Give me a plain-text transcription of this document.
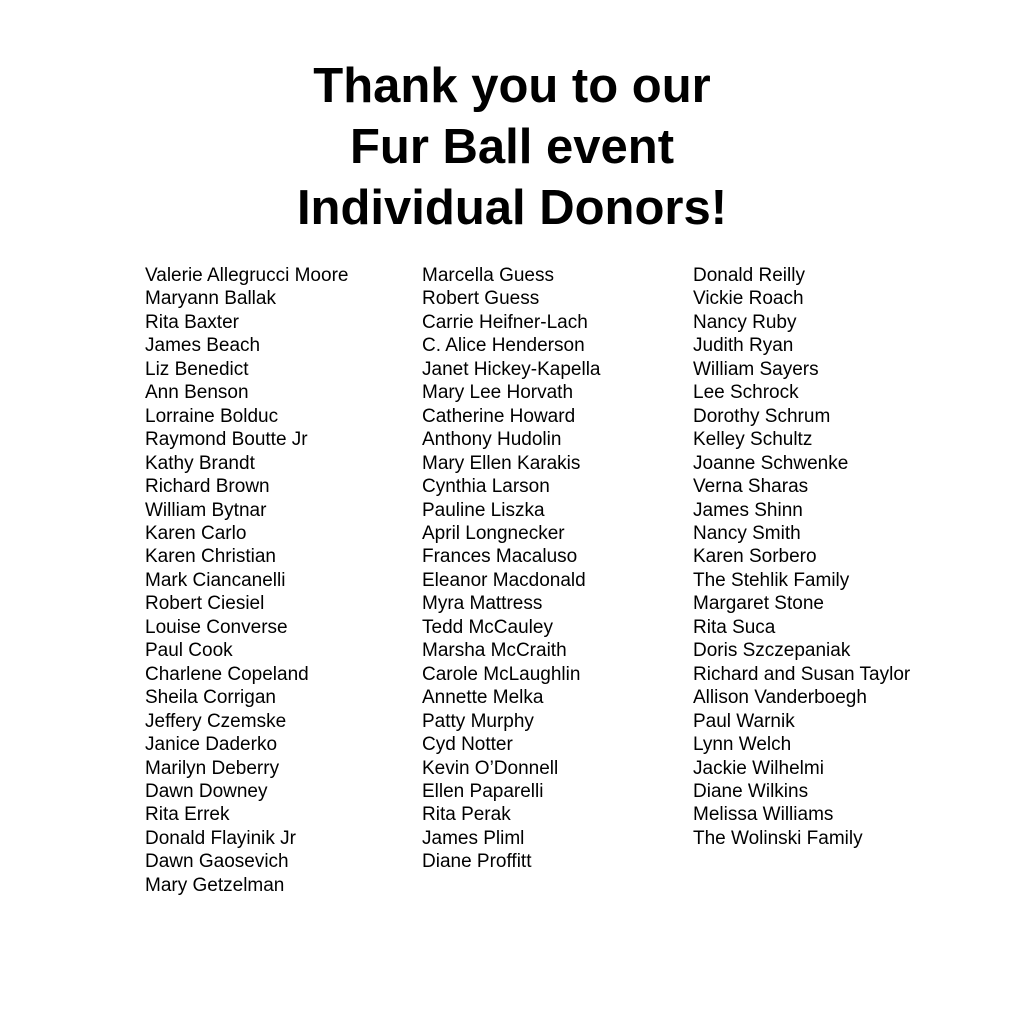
Thank you to our
Fur Ball event
Individual Donors!
Valerie Allegrucci Moore
Maryann Ballak
Rita Baxter
James Beach
Liz Benedict
Ann Benson
Lorraine Bolduc
Raymond Boutte Jr
Kathy Brandt
Richard Brown
William Bytnar
Karen Carlo
Karen Christian
Mark Ciancanelli
Robert Ciesiel
Louise Converse
Paul Cook
Charlene Copeland
Sheila Corrigan
Jeffery Czemske
Janice Daderko
Marilyn Deberry
Dawn Downey
Rita Errek
Donald Flayinik Jr
Dawn Gaosevich
Mary Getzelman
Marcella Guess
Robert Guess
Carrie Heifner-Lach
C. Alice Henderson
Janet Hickey-Kapella
Mary Lee Horvath
Catherine Howard
Anthony Hudolin
Mary Ellen Karakis
Cynthia Larson
Pauline Liszka
April Longnecker
Frances Macaluso
Eleanor Macdonald
Myra Mattress
Tedd McCauley
Marsha McCraith
Carole McLaughlin
Annette Melka
Patty Murphy
Cyd Notter
Kevin O’Donnell
Ellen Paparelli
Rita Perak
James Pliml
Diane Proffitt
Donald Reilly
Vickie Roach
Nancy Ruby
Judith Ryan
William Sayers
Lee Schrock
Dorothy Schrum
Kelley Schultz
Joanne Schwenke
Verna Sharas
James Shinn
Nancy Smith
Karen Sorbero
The Stehlik Family
Margaret Stone
Rita Suca
Doris Szczepaniak
Richard and Susan Taylor
Allison Vanderboegh
Paul Warnik
Lynn Welch
Jackie Wilhelmi
Diane Wilkins
Melissa Williams
The Wolinski Family
